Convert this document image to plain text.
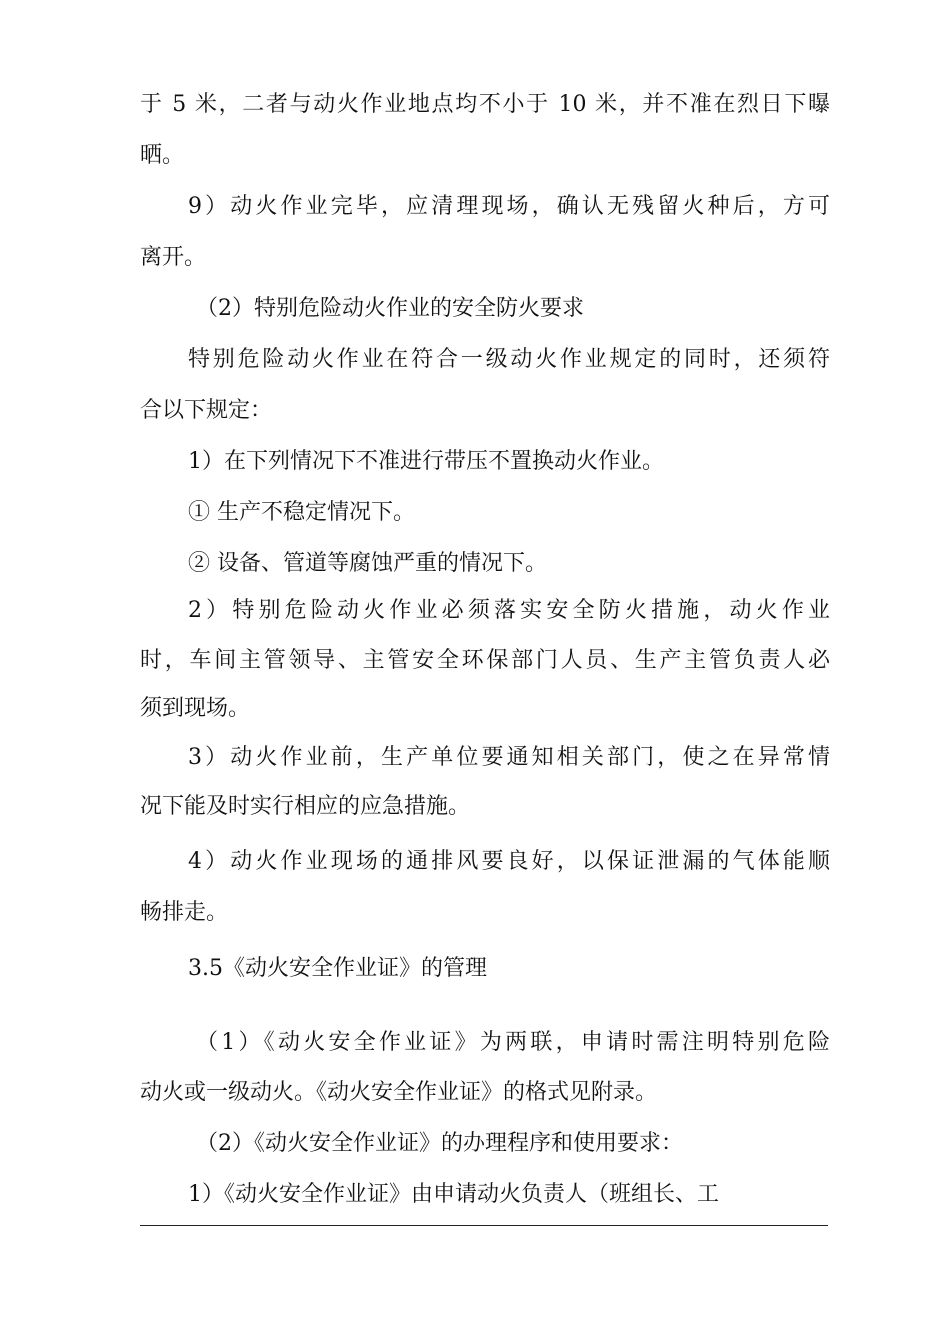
于 5 米，二者与动火作业地点均不小于 10 米，并不准在烈日下曝
晒。
9）动火作业完毕，应清理现场，确认无残留火种后，方可
离开。
（2）特别危险动火作业的安全防火要求
特别危险动火作业在符合一级动火作业规定的同时，还须符
合以下规定：
1）在下列情况下不准进行带压不置换动火作业。
① 生产不稳定情况下。
② 设备、管道等腐蚀严重的情况下。
2）特别危险动火作业必须落实安全防火措施，动火作业
时，车间主管领导、主管安全环保部门人员、生产主管负责人必
须到现场。
3）动火作业前，生产单位要通知相关部门，使之在异常情
况下能及时实行相应的应急措施。
4）动火作业现场的通排风要良好，以保证泄漏的气体能顺
畅排走。
3.5《动火安全作业证》的管理
（1）《动火安全作业证》为两联，申请时需注明特别危险
动火或一级动火。《动火安全作业证》的格式见附录。
（2）《动火安全作业证》的办理程序和使用要求：
1）《动火安全作业证》由申请动火负责人（班组长、工
